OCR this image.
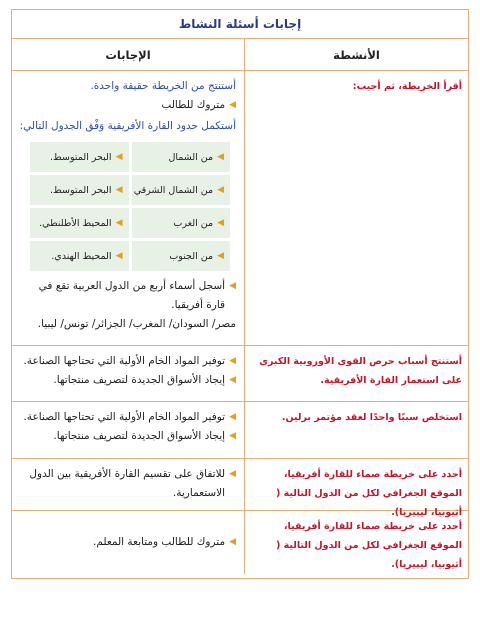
إجابات أسئلة النشاط
الأنشطة
الإجابات
أقرأ الخريطة، ثم أجيب:
أستنتج من الخريطة حقيقة واحدة.
◀
متروك للطالب
أستكمل حدود القارة الأفريقية وَفْق الجدول التالي:
◀
من الشمال
◀
البحر المتوسط.
◀
من الشمال الشرقي
◀
البحر المتوسط.
◀
من الغرب
◀
المحيط الأطلنطي.
◀
من الجنوب
◀
المحيط الهندي.
◀
أسجل أسماء أربع من الدول العربية تقع في قارة أفريقيا.
مصر/ السودان/ المغرب/ الجزائر/ تونس/ ليبيا.
أستنتج أسباب حرص القوى الأوروبية الكبرى على استعمار القارة الأفريقية.
◀
توفير المواد الخام الأولية التي تحتاجها الصناعة.
◀
إيجاد الأسواق الجديدة لتصريف منتجاتها.
استخلص سببًا واحدًا لعقد مؤتمر برلين.
◀
توفير المواد الخام الأولية التي تحتاجها الصناعة.
◀
إيجاد الأسواق الجديدة لتصريف منتجاتها.
أحدد على خريطة صماء للقارة أفريقيا، الموقع الجغرافي لكل من الدول التالية ( أثيوبيا، ليبيريا).
◀
للاتفاق على تقسيم القارة الأفريقية بين الدول الاستعمارية.
أحدد على خريطة صماء للقارة أفريقيا، الموقع الجغرافي لكل من الدول التالية ( أثيوبيا، ليبيريا).
◀
متروك للطالب ومتابعة المعلم.
